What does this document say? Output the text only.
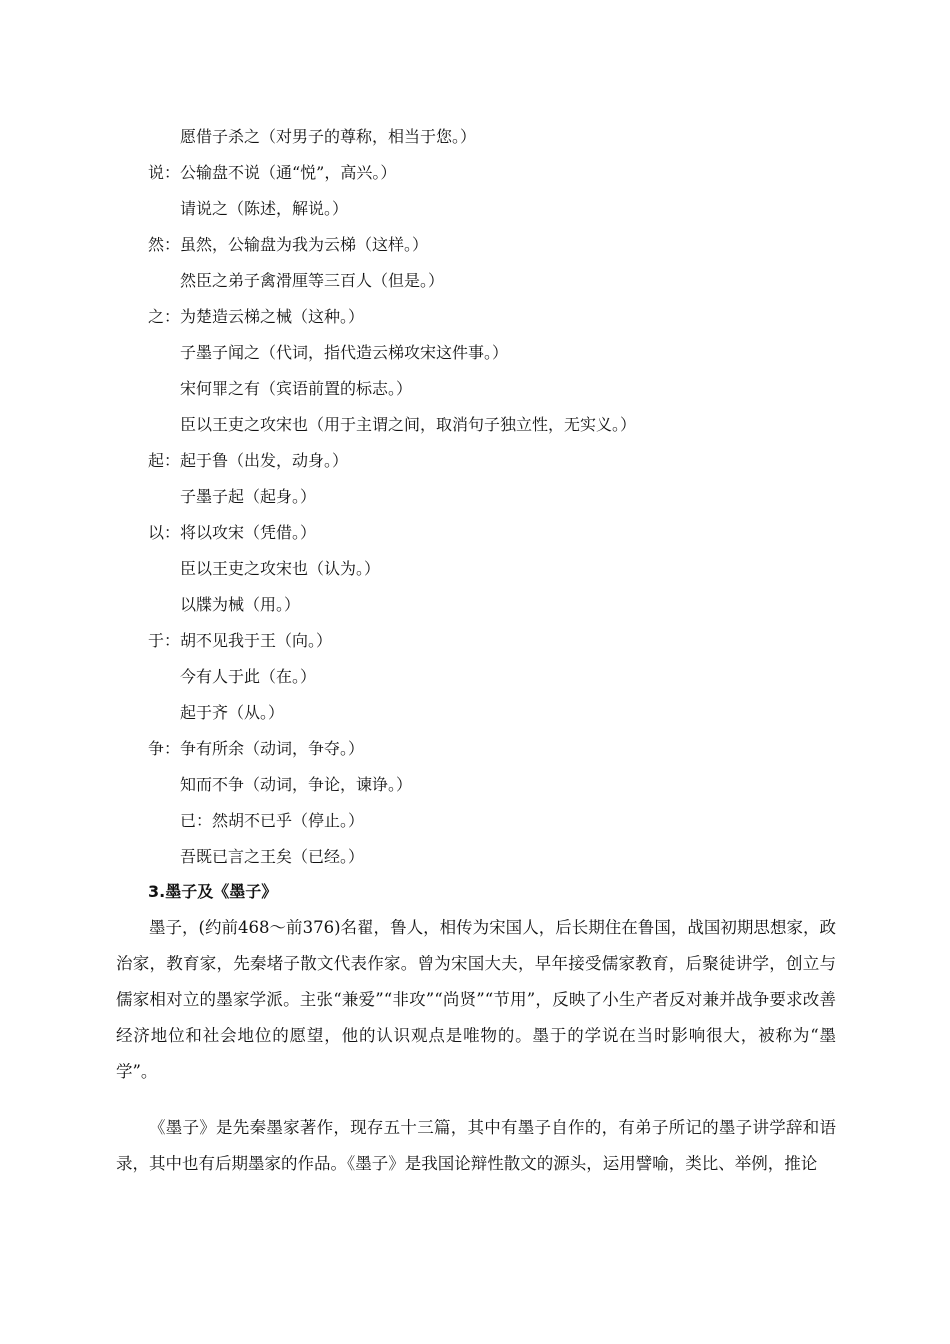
愿借子杀之（对男子的尊称，相当于您。）
说：公输盘不说（通“悦”，高兴。）
请说之（陈述，解说。）
然：虽然，公输盘为我为云梯（这样。）
然臣之弟子禽滑厘等三百人（但是。）
之：为楚造云梯之械（这种。）
子墨子闻之（代词，指代造云梯攻宋这件事。）
宋何罪之有（宾语前置的标志。）
臣以王吏之攻宋也（用于主谓之间，取消句子独立性，无实义。）
起：起于鲁（出发，动身。）
子墨子起（起身。）
以：将以攻宋（凭借。）
臣以王吏之攻宋也（认为。）
以牒为械（用。）
于：胡不见我于王（向。）
今有人于此（在。）
起于齐（从。）
争：争有所余（动词，争夺。）
知而不争（动词，争论，谏诤。）
已：然胡不已乎（停止。）
吾既已言之王矣（已经。）
3.墨子及《墨子》
墨子，(约前468～前376)名翟，鲁人，相传为宋国人，后长期住在鲁国，战国初期思想家，政治家，教育家，先秦堵子散文代表作家。曾为宋国大夫，早年接受儒家教育，后聚徒讲学，创立与儒家相对立的墨家学派。主张“兼爱”“非攻”“尚贤”“节用”，反映了小生产者反对兼并战争要求改善经济地位和社会地位的愿望，他的认识观点是唯物的。墨于的学说在当时影响很大，被称为“墨学”。
《墨子》是先秦墨家著作，现存五十三篇，其中有墨子自作的，有弟子所记的墨子讲学辞和语录，其中也有后期墨家的作品。《墨子》是我国论辩性散文的源头，运用譬喻，类比、举例，推论
